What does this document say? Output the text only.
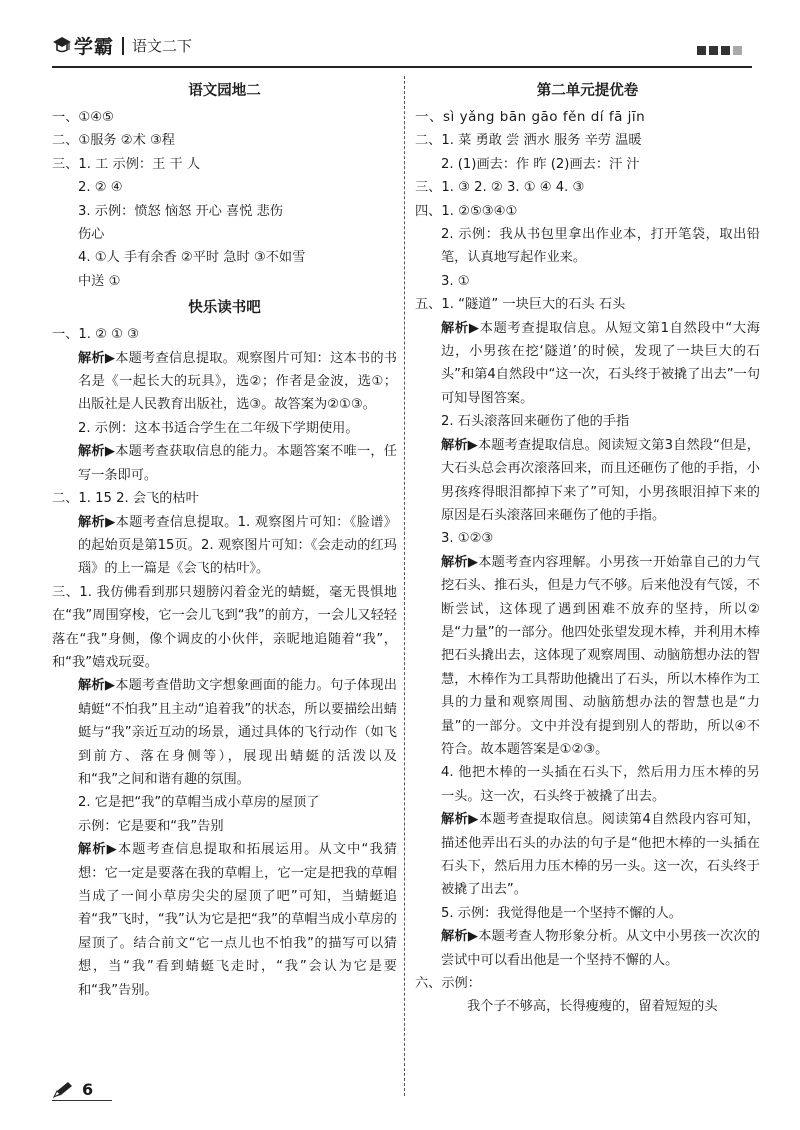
学霸 语文二下

语文园地二

一、①④⑤

二、①服务 ②术 ③程

三、1. 工 示例：王 干 人

2. ② ④

3. 示例：愤怒 恼怒 开心 喜悦 悲伤

伤心

4. ①人 手有余香 ②平时 急时 ③不如雪

中送 ①

快乐读书吧

一、1. ② ① ③

解析▶本题考查信息提取。观察图片可知：这本书的书名是《一起长大的玩具》，选②；作者是金波，选①；出版社是人民教育出版社，选③。故答案为②①③。

2. 示例：这本书适合学生在二年级下学期使用。

解析▶本题考查获取信息的能力。本题答案不唯一，任写一条即可。

二、1. 15 2. 会飞的枯叶

解析▶本题考查信息提取。1. 观察图片可知：《脸谱》的起始页是第15页。2. 观察图片可知：《会走动的红玛瑙》的上一篇是《会飞的枯叶》。

三、1. 我仿佛看到那只翅膀闪着金光的蜻蜓，毫无畏惧地在“我”周围穿梭，它一会儿飞到“我”的前方，一会儿又轻轻落在“我”身侧，像个调皮的小伙伴，亲昵地追随着“我”，和“我”嬉戏玩耍。

解析▶本题考查借助文字想象画面的能力。句子体现出蜻蜓“不怕我”且主动“追着我”的状态，所以要描绘出蜻蜓与“我”亲近互动的场景，通过具体的飞行动作（如飞到前方、落在身侧等），展现出蜻蜓的活泼以及和“我”之间和谐有趣的氛围。

2. 它是把“我”的草帽当成小草房的屋顶了

示例：它是要和“我”告别

解析▶本题考查信息提取和拓展运用。从文中“我猜想：它一定是要落在我的草帽上，它一定是把我的草帽当成了一间小草房尖尖的屋顶了吧”可知，当蜻蜓追着“我”飞时，“我”认为它是把“我”的草帽当成小草房的屋顶了。结合前文“它一点儿也不怕我”的描写可以猜想，当“我”看到蜻蜓飞走时，“我”会认为它是要和“我”告别。

第二单元提优卷

一、sì yǎng bān gāo fěn dí fā jīn

二、1. 菜 勇敢 尝 洒水 服务 辛劳 温暖

2. (1)画去：作 昨 (2)画去：汗 汁

三、1. ③ 2. ② 3. ① ④ 4. ③

四、1. ②⑤③④①

2. 示例：我从书包里拿出作业本，打开笔袋，取出铅笔，认真地写起作业来。

3. ①

五、1. “隧道” 一块巨大的石头 石头

解析▶本题考查提取信息。从短文第1自然段中“大海边，小男孩在挖‘隧道’的时候，发现了一块巨大的石头”和第4自然段中“这一次，石头终于被撬了出去”一句可知导图答案。

2. 石头滚落回来砸伤了他的手指

解析▶本题考查提取信息。阅读短文第3自然段“但是，大石头总会再次滚落回来，而且还砸伤了他的手指，小男孩疼得眼泪都掉下来了”可知，小男孩眼泪掉下来的原因是石头滚落回来砸伤了他的手指。

3. ①②③

解析▶本题考查内容理解。小男孩一开始靠自己的力气挖石头、推石头，但是力气不够。后来他没有气馁，不断尝试，这体现了遇到困难不放弃的坚持，所以②是“力量”的一部分。他四处张望发现木棒，并利用木棒把石头撬出去，这体现了观察周围、动脑筋想办法的智慧，木棒作为工具帮助他撬出了石头，所以木棒作为工具的力量和观察周围、动脑筋想办法的智慧也是“力量”的一部分。文中并没有提到别人的帮助，所以④不符合。故本题答案是①②③。

4. 他把木棒的一头插在石头下，然后用力压木棒的另一头。这一次，石头终于被撬了出去。

解析▶本题考查提取信息。阅读第4自然段内容可知，描述他弄出石头的办法的句子是“他把木棒的一头插在石头下，然后用力压木棒的另一头。这一次，石头终于被撬了出去”。

5. 示例：我觉得他是一个坚持不懈的人。

解析▶本题考查人物形象分析。从文中小男孩一次次的尝试中可以看出他是一个坚持不懈的人。

六、示例：

我个子不够高，长得瘦瘦的，留着短短的头

6
